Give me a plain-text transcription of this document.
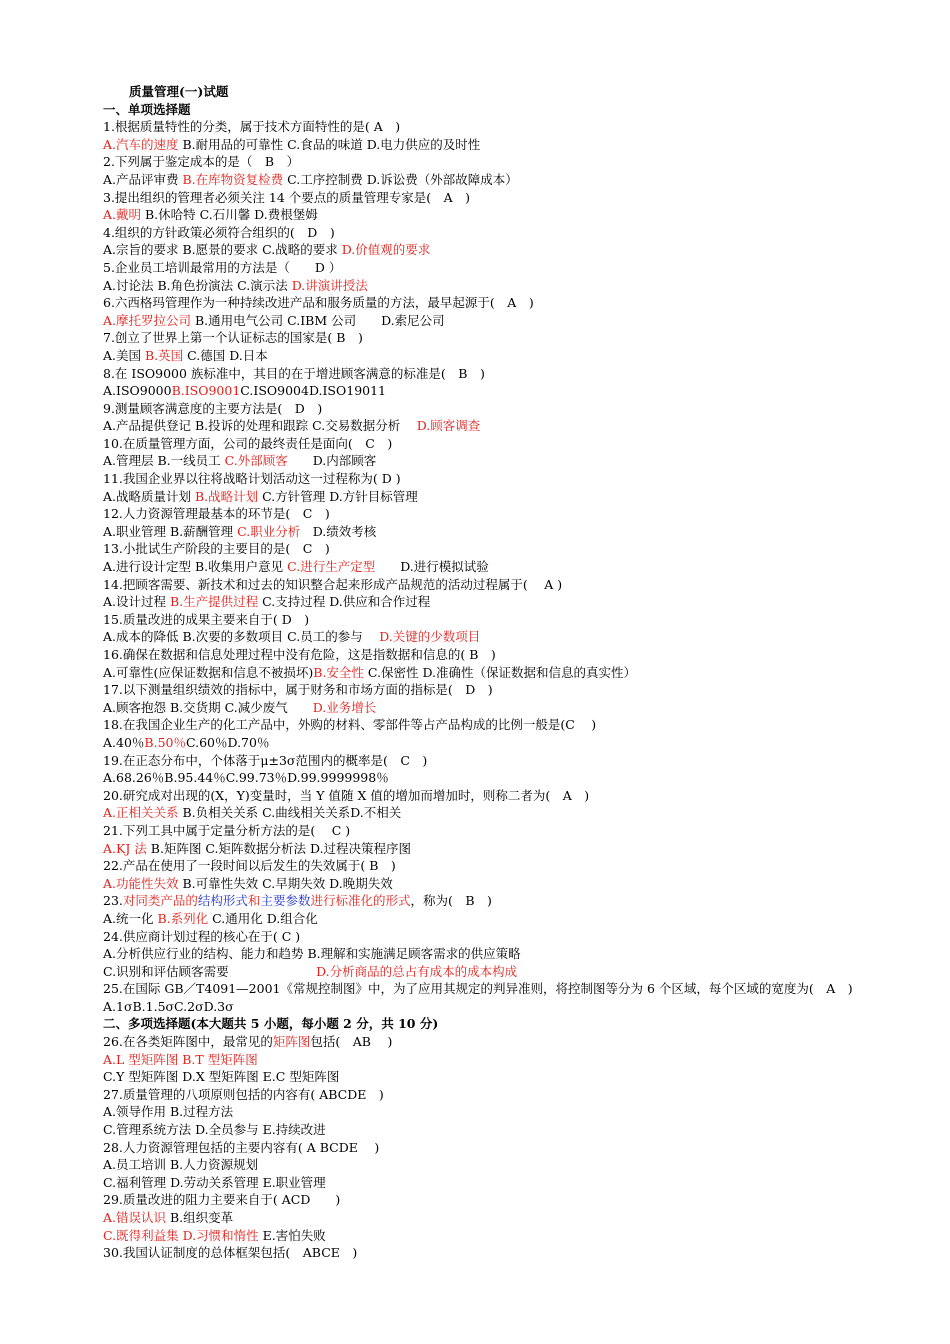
质量管理(一)试题
一、单项选择题
1.根据质量特性的分类，属于技术方面特性的是( A　)
A.汽车的速度 B.耐用品的可靠性 C.食品的味道 D.电力供应的及时性
2.下列属于鉴定成本的是（　B　）
A.产品评审费 B.在库物资复检费 C.工序控制费 D.诉讼费（外部故障成本）
3.提出组织的管理者必须关注 14 个要点的质量管理专家是(　A　)
A.戴明 B.休哈特 C.石川馨 D.费根堡姆
4.组织的方针政策必须符合组织的(　D　)
A.宗旨的要求 B.愿景的要求 C.战略的要求 D.价值观的要求
5.企业员工培训最常用的方法是（　　D ）
A.讨论法 B.角色扮演法 C.演示法 D.讲演讲授法
6.六西格玛管理作为一种持续改进产品和服务质量的方法，最早起源于(　A　)
A.摩托罗拉公司 B.通用电气公司 C.IBM 公司　　D.索尼公司
7.创立了世界上第一个认证标志的国家是( B　)
A.美国 B.英国 C.德国 D.日本
8.在 ISO9000 族标准中，其目的在于增进顾客满意的标准是(　B　)
A.ISO9000B.ISO9001C.ISO9004D.ISO19011
9.测量顾客满意度的主要方法是(　D　)
A.产品提供登记 B.投诉的处理和跟踪 C.交易数据分析　 D.顾客调查
10.在质量管理方面，公司的最终责任是面向(　C　)
A.管理层 B.一线员工 C.外部顾客　　D.内部顾客
11.我国企业界以往将战略计划活动这一过程称为( D )
A.战略质量计划 B.战略计划 C.方针管理 D.方针目标管理
12.人力资源管理最基本的环节是(　C　)
A.职业管理 B.薪酬管理 C.职业分析　D.绩效考核
13.小批试生产阶段的主要目的是(　C　)
A.进行设计定型 B.收集用户意见 C.进行生产定型　　D.进行模拟试验
14.把顾客需要、新技术和过去的知识整合起来形成产品规范的活动过程属于(　 A )
A.设计过程 B.生产提供过程 C.支持过程 D.供应和合作过程
15.质量改进的成果主要来自于( D　)
A.成本的降低 B.次要的多数项目 C.员工的参与　 D.关键的少数项目
16.确保在数据和信息处理过程中没有危险，这是指数据和信息的( B　)
A.可靠性(应保证数据和信息不被损坏)B.安全性 C.保密性 D.准确性（保证数据和信息的真实性）
17.以下测量组织绩效的指标中，属于财务和市场方面的指标是(　D　)
A.顾客抱怨 B.交货期 C.减少废气　　D.业务增长
18.在我国企业生产的化工产品中，外购的材料、零部件等占产品构成的比例一般是(C　 )
A.40％B.50％C.60％D.70％
19.在正态分布中，个体落于μ±3σ范围内的概率是(　C　)
A.68.26％B.95.44％C.99.73％D.99.9999998％
20.研究成对出现的(X，Y)变量时，当 Y 值随 X 值的增加而增加时，则称二者为(　A　)
A.正相关关系 B.负相关关系 C.曲线相关关系D.不相关
21.下列工具中属于定量分析方法的是(　 C )
A.KJ 法 B.矩阵图 C.矩阵数据分析法 D.过程决策程序图
22.产品在使用了一段时间以后发生的失效属于( B　)
A.功能性失效 B.可靠性失效 C.早期失效 D.晚期失效
23.对同类产品的结构形式和主要参数进行标准化的形式，称为(　B　)
A.统一化 B.系列化 C.通用化 D.组合化
24.供应商计划过程的核心在于( C )
A.分析供应行业的结构、能力和趋势 B.理解和实施满足顾客需求的供应策略
C.识别和评估顾客需要　　　　　　　D.分析商品的总占有成本的成本构成
25.在国际 GB／T4091—2001《常规控制图》中，为了应用其规定的判异准则，将控制图等分为 6 个区域，每个区域的宽度为(　A　)
A.1σB.1.5σC.2σD.3σ
二、多项选择题(本大题共 5 小题，每小题 2 分，共 10 分)
26.在各类矩阵图中，最常见的矩阵图包括(　AB　 )
A.L 型矩阵图 B.T 型矩阵图
C.Y 型矩阵图 D.X 型矩阵图 E.C 型矩阵图
27.质量管理的八项原则包括的内容有( ABCDE　)
A.领导作用 B.过程方法
C.管理系统方法 D.全员参与 E.持续改进
28.人力资源管理包括的主要内容有( A BCDE　 )
A.员工培训 B.人力资源规划
C.福利管理 D.劳动关系管理 E.职业管理
29.质量改进的阻力主要来自于( ACD　　)
A.错误认识 B.组织变革
C.既得利益集 D.习惯和惰性 E.害怕失败
30.我国认证制度的总体框架包括(　ABCE　)
